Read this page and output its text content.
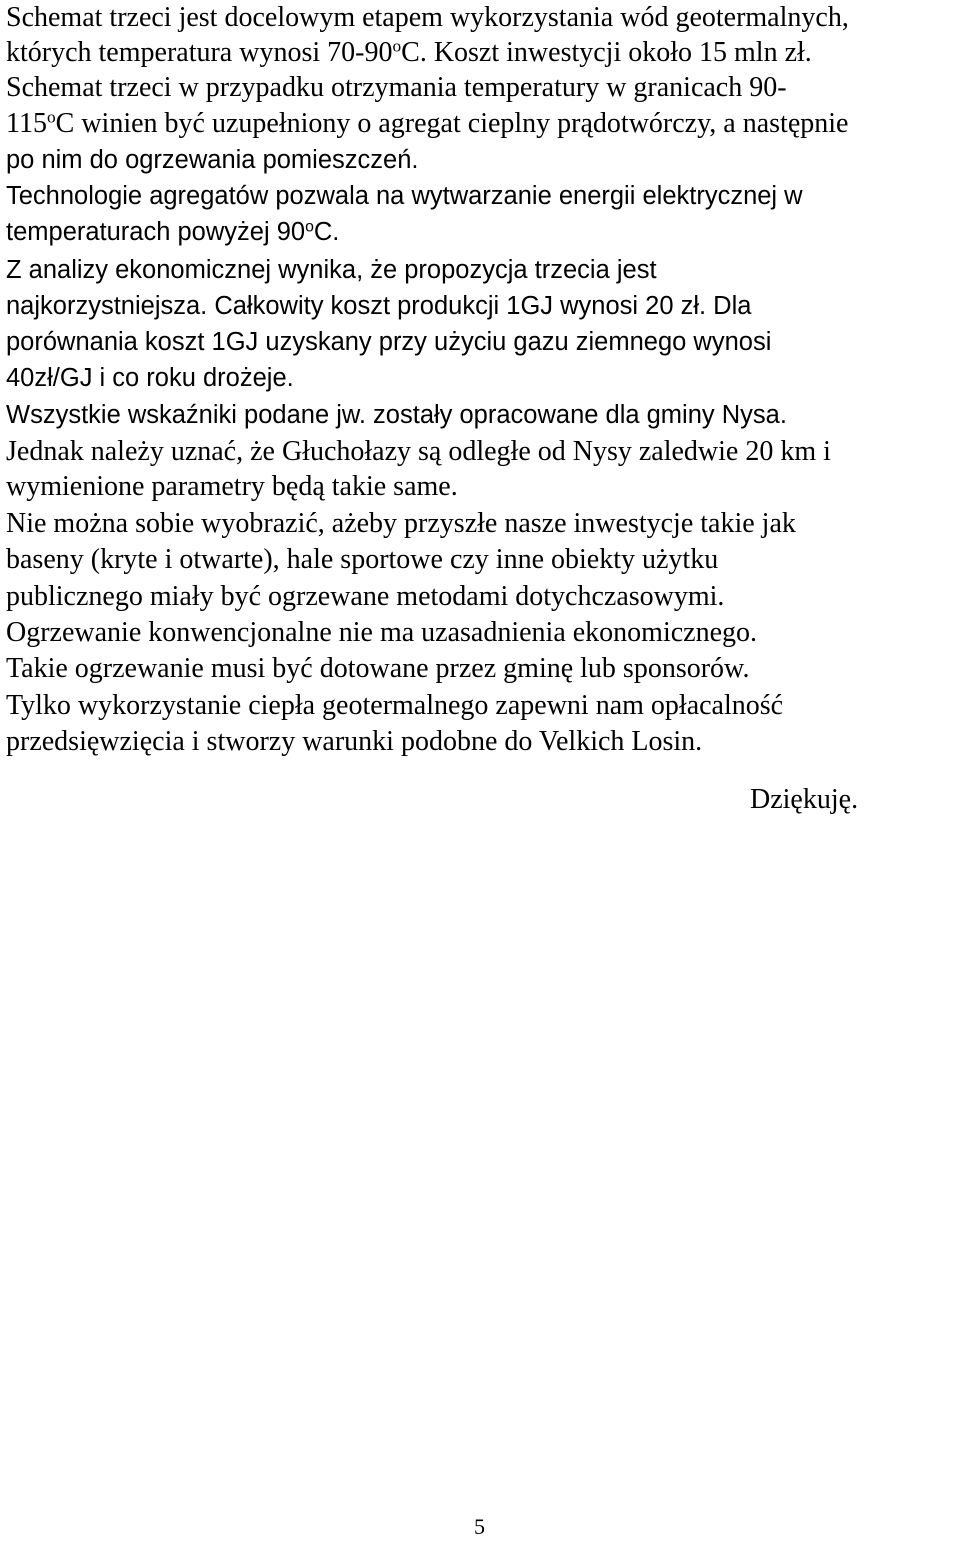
Schemat trzeci jest docelowym etapem wykorzystania wód geotermalnych,
których temperatura wynosi 70-90$^o$C. Koszt inwestycji około 15 mln zł.
Schemat trzeci w przypadku otrzymania temperatury w granicach 90-
115$^o$C winien być uzupełniony o agregat cieplny prądotwórczy, a następnie
po nim do ogrzewania pomieszczeń.
Technologie agregatów pozwala na wytwarzanie energii elektrycznej w
temperaturach powyżej 90$^o$C.
Z analizy ekonomicznej wynika, że propozycja trzecia jest
najkorzystniejsza. Całkowity koszt produkcji 1GJ wynosi 20 zł. Dla
porównania koszt 1GJ uzyskany przy użyciu gazu ziemnego wynosi
40zł/GJ i co roku drożeje.
Wszystkie wskaźniki podane jw. zostały opracowane dla gminy Nysa.
Jednak należy uznać, że Głuchołazy są odległe od Nysy zaledwie 20 km i
wymienione parametry będą takie same.
Nie można sobie wyobrazić, ażeby przyszłe nasze inwestycje takie jak
baseny (kryte i otwarte), hale sportowe czy inne obiekty użytku
publicznego miały być ogrzewane metodami dotychczasowymi.
Ogrzewanie konwencjonalne nie ma uzasadnienia ekonomicznego.
Takie ogrzewanie musi być dotowane przez gminę lub sponsorów.
Tylko wykorzystanie ciepła geotermalnego zapewni nam opłacalność
przedsięwzięcia i stworzy warunki podobne do Velkich Losin.
Dziękuję.
5
